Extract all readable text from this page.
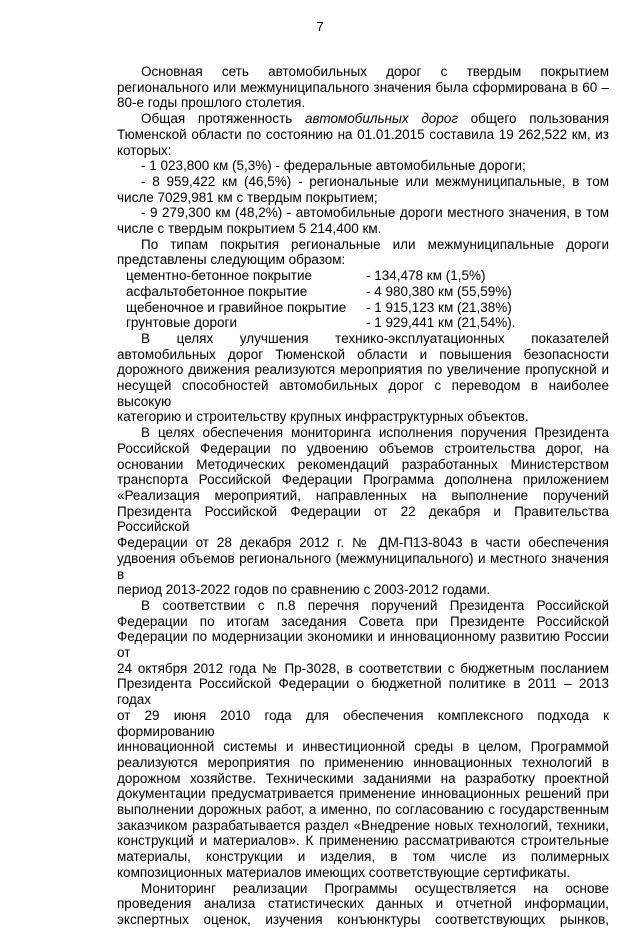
7

Основная сеть автомобильных дорог с твердым покрытием

регионального или межмуниципального значения была сформирована в 60 –

80-е годы прошлого столетия.

Общая протяженность автомобильных дорог общего пользования

Тюменской области по состоянию на 01.01.2015 составила 19 262,522 км, из

которых:

- 1 023,800 км (5,3%) - федеральные автомобильные дороги;

- 8 959,422 км (46,5%) - региональные или межмуниципальные, в том

числе 7029,981 км с твердым покрытием;

- 9 279,300 км (48,2%) - автомобильные дороги местного значения, в том

числе с твердым покрытием 5 214,400 км.

По типам покрытия региональные или межмуниципальные дороги

представлены следующим образом:

цементно-бетонное покрытие	- 134,478 км (1,5%)
асфальтобетонное покрытие	- 4 980,380 км (55,59%)
щебеночное и гравийное покрытие	- 1 915,123 км (21,38%)
грунтовые дороги	- 1 929,441 км (21,54%).

В целях улучшения технико-эксплуатационных показателей

автомобильных дорог Тюменской области и повышения безопасности

дорожного движения реализуются мероприятия по увеличение пропускной и

несущей способностей автомобильных дорог с переводом в наиболее высокую

категорию и строительству крупных инфраструктурных объектов.

В целях обеспечения мониторинга исполнения поручения Президента

Российской Федерации по удвоению объемов строительства дорог, на

основании Методических рекомендаций разработанных Министерством

транспорта Российской Федерации Программа дополнена приложением

«Реализация мероприятий, направленных на выполнение поручений

Президента Российской Федерации от 22 декабря и Правительства Российской

Федерации от 28 декабря 2012 г. № ДМ-П13-8043 в части обеспечения

удвоения объемов регионального (межмуниципального) и местного значения в

период 2013-2022 годов по сравнению с 2003-2012 годами.

В соответствии с п.8 перечня поручений Президента Российской

Федерации по итогам заседания Совета при Президенте Российской

Федерации по модернизации экономики и инновационному развитию России от

24 октября 2012 года № Пр-3028, в соответствии с бюджетным посланием

Президента Российской Федерации о бюджетной политике в 2011 – 2013 годах

от 29 июня 2010 года для обеспечения комплексного подхода к формированию

инновационной системы и инвестиционной среды в целом, Программой

реализуются мероприятия по применению инновационных технологий в

дорожном хозяйстве. Техническими заданиями на разработку проектной

документации предусматривается применение инновационных решений при

выполнении дорожных работ, а именно, по согласованию с государственным

заказчиком разрабатывается раздел «Внедрение новых технологий, техники,

конструкций и материалов». К применению рассматриваются строительные

материалы, конструкции и изделия, в том числе из полимерных

композиционных материалов имеющих соответствующие сертификаты.

Мониторинг реализации Программы осуществляется на основе

проведения анализа статистических данных и отчетной информации,

экспертных оценок, изучения конъюнктуры соответствующих рынков,
